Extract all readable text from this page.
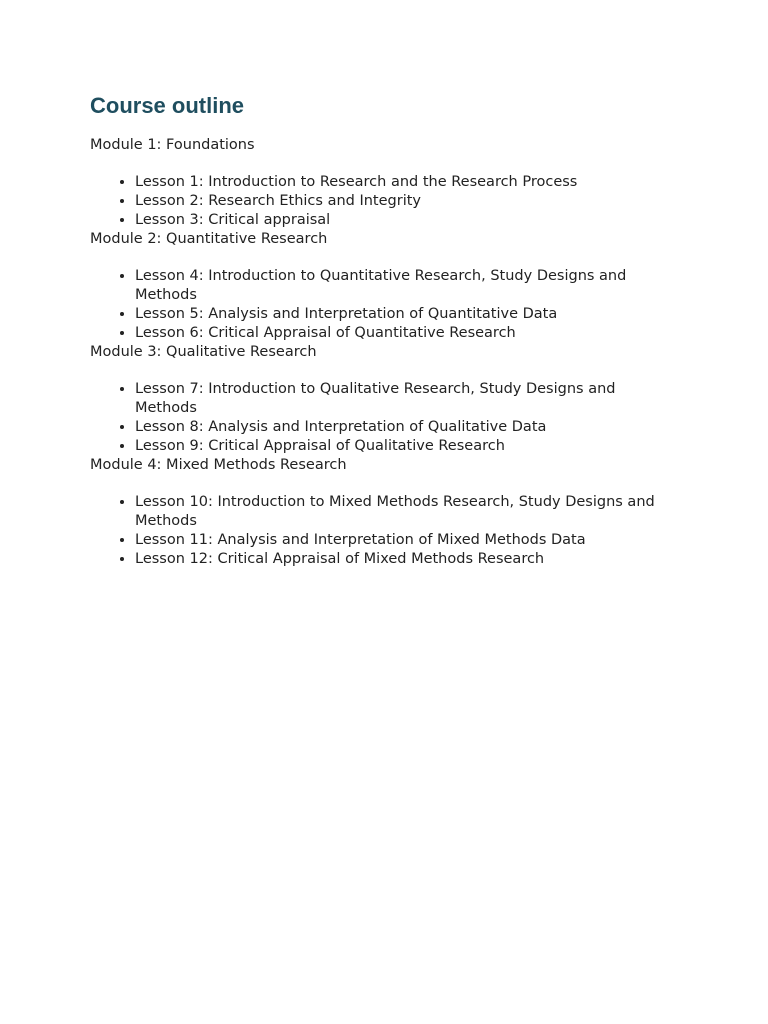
Course outline

Module 1: Foundations

• Lesson 1: Introduction to Research and the Research Process
• Lesson 2: Research Ethics and Integrity
• Lesson 3: Critical appraisal

Module 2: Quantitative Research

• Lesson 4: Introduction to Quantitative Research, Study Designs and Methods
• Lesson 5: Analysis and Interpretation of Quantitative Data
• Lesson 6: Critical Appraisal of Quantitative Research

Module 3: Qualitative Research

• Lesson 7: Introduction to Qualitative Research, Study Designs and Methods
• Lesson 8: Analysis and Interpretation of Qualitative Data
• Lesson 9: Critical Appraisal of Qualitative Research

Module 4: Mixed Methods Research

• Lesson 10: Introduction to Mixed Methods Research, Study Designs and Methods
• Lesson 11: Analysis and Interpretation of Mixed Methods Data
• Lesson 12: Critical Appraisal of Mixed Methods Research
